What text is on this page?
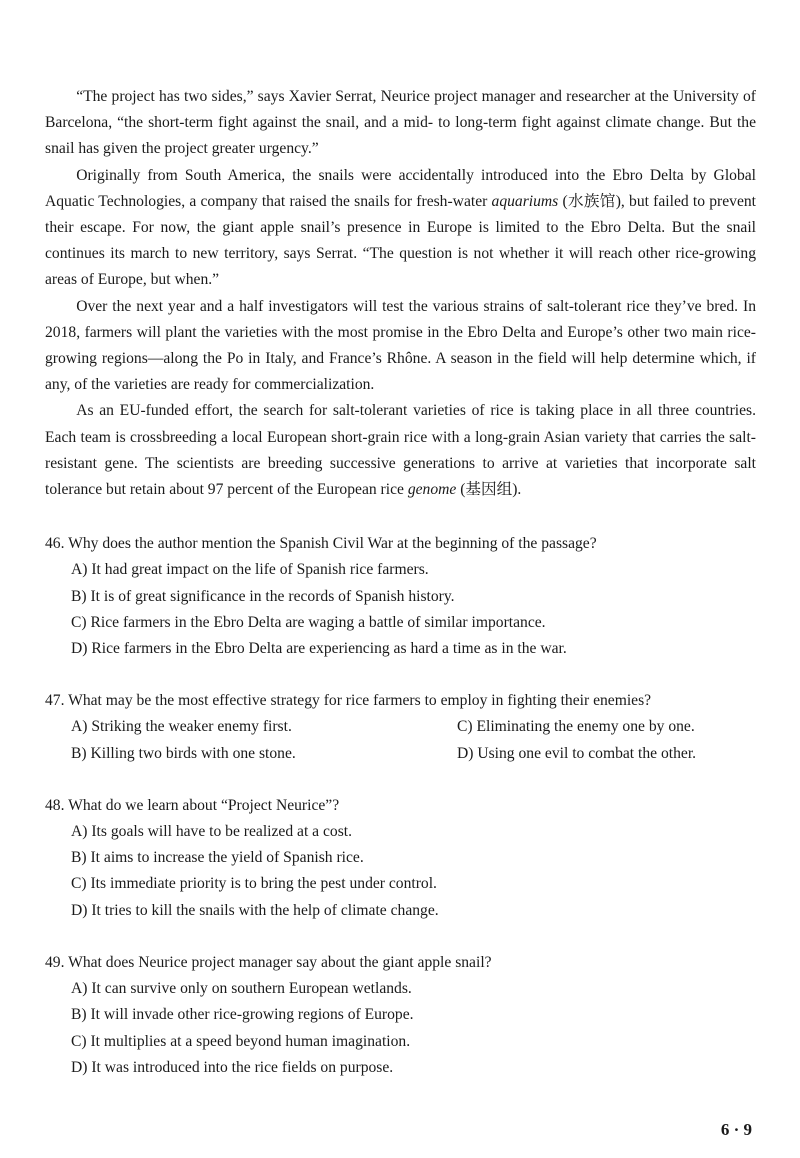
“The project has two sides,” says Xavier Serrat, Neurice project manager and researcher at the University of Barcelona, “the short-term fight against the snail, and a mid- to long-term fight against climate change. But the snail has given the project greater urgency.”

Originally from South America, the snails were accidentally introduced into the Ebro Delta by Global Aquatic Technologies, a company that raised the snails for fresh-water aquariums (水族馆), but failed to prevent their escape. For now, the giant apple snail’s presence in Europe is limited to the Ebro Delta. But the snail continues its march to new territory, says Serrat. “The question is not whether it will reach other rice-growing areas of Europe, but when.”

Over the next year and a half investigators will test the various strains of salt-tolerant rice they’ve bred. In 2018, farmers will plant the varieties with the most promise in the Ebro Delta and Europe’s other two main rice-growing regions—along the Po in Italy, and France’s Rhône. A season in the field will help determine which, if any, of the varieties are ready for commercialization.

As an EU-funded effort, the search for salt-tolerant varieties of rice is taking place in all three countries. Each team is crossbreeding a local European short-grain rice with a long-grain Asian variety that carries the salt-resistant gene. The scientists are breeding successive generations to arrive at varieties that incorporate salt tolerance but retain about 97 percent of the European rice genome (基因组).

46. Why does the author mention the Spanish Civil War at the beginning of the passage?

A) It had great impact on the life of Spanish rice farmers.

B) It is of great significance in the records of Spanish history.

C) Rice farmers in the Ebro Delta are waging a battle of similar importance.

D) Rice farmers in the Ebro Delta are experiencing as hard a time as in the war.

47. What may be the most effective strategy for rice farmers to employ in fighting their enemies?

A) Striking the weaker enemy first.	C) Eliminating the enemy one by one.

B) Killing two birds with one stone.	D) Using one evil to combat the other.

48. What do we learn about “Project Neurice”?

A) Its goals will have to be realized at a cost.

B) It aims to increase the yield of Spanish rice.

C) Its immediate priority is to bring the pest under control.

D) It tries to kill the snails with the help of climate change.

49. What does Neurice project manager say about the giant apple snail?

A) It can survive only on southern European wetlands.

B) It will invade other rice-growing regions of Europe.

C) It multiplies at a speed beyond human imagination.

D) It was introduced into the rice fields on purpose.

6 · 9
